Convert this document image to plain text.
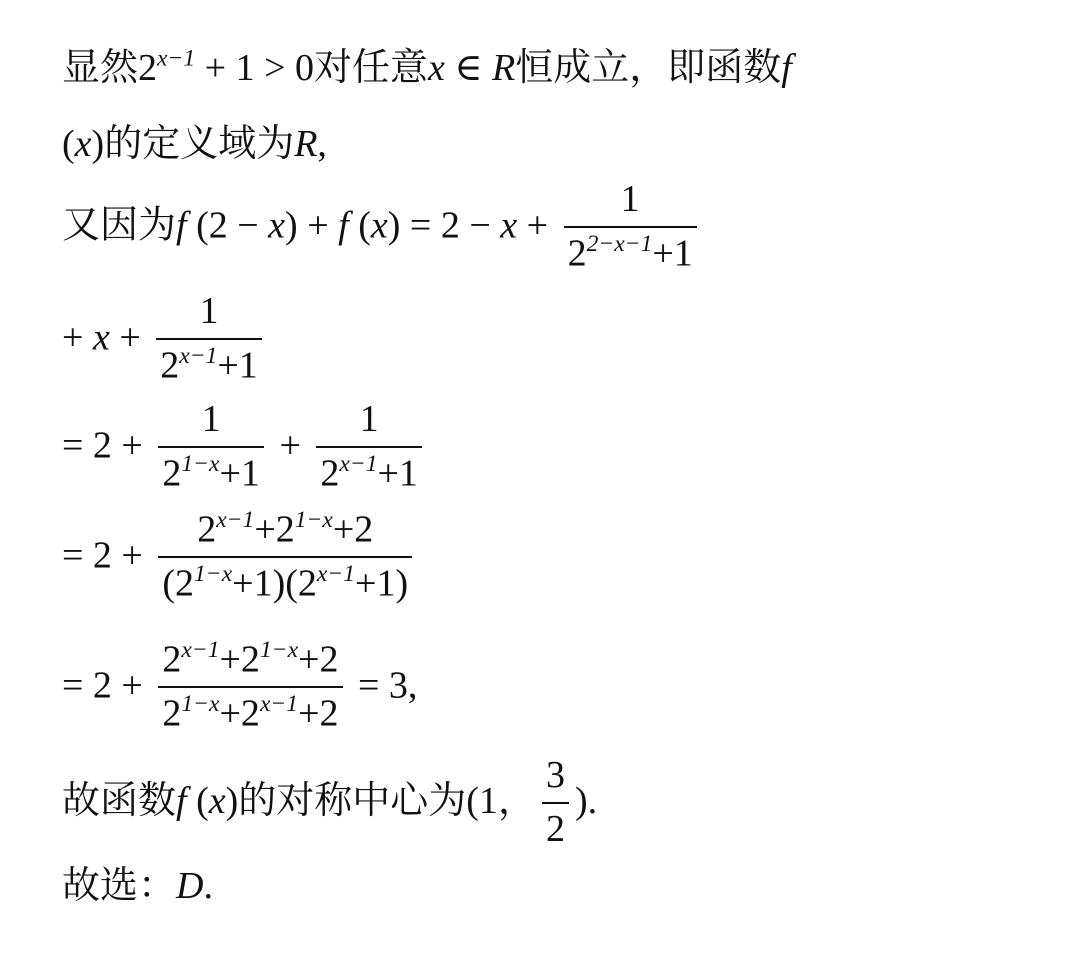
显然$2^{x-1} + 1 > 0$对任意x ∈ R恒成立，即函数f
(x)的定义域为R,
又因为f (2 − x) + f $(x) = 2 - x + \frac{1}{2^{2-x-1}+1}$
+ $x + \frac{1}{2^{x-1}+1}$
= $2 + \frac{1}{2^{1-x}+1} + \frac{1}{2^{x-1}+1}$
= $2 + \frac{2^{x-1}+2^{1-x}+2}{(2^{1-x}+1)(2^{x-1}+1)}$
= $2 + \frac{2^{x-1}+2^{1-x}+2}{2^{1-x}+2^{x-1}+2} = 3$,
故函数f (x)的对称中心为(1， $\frac{3}{2}$ ).
故选：D.
